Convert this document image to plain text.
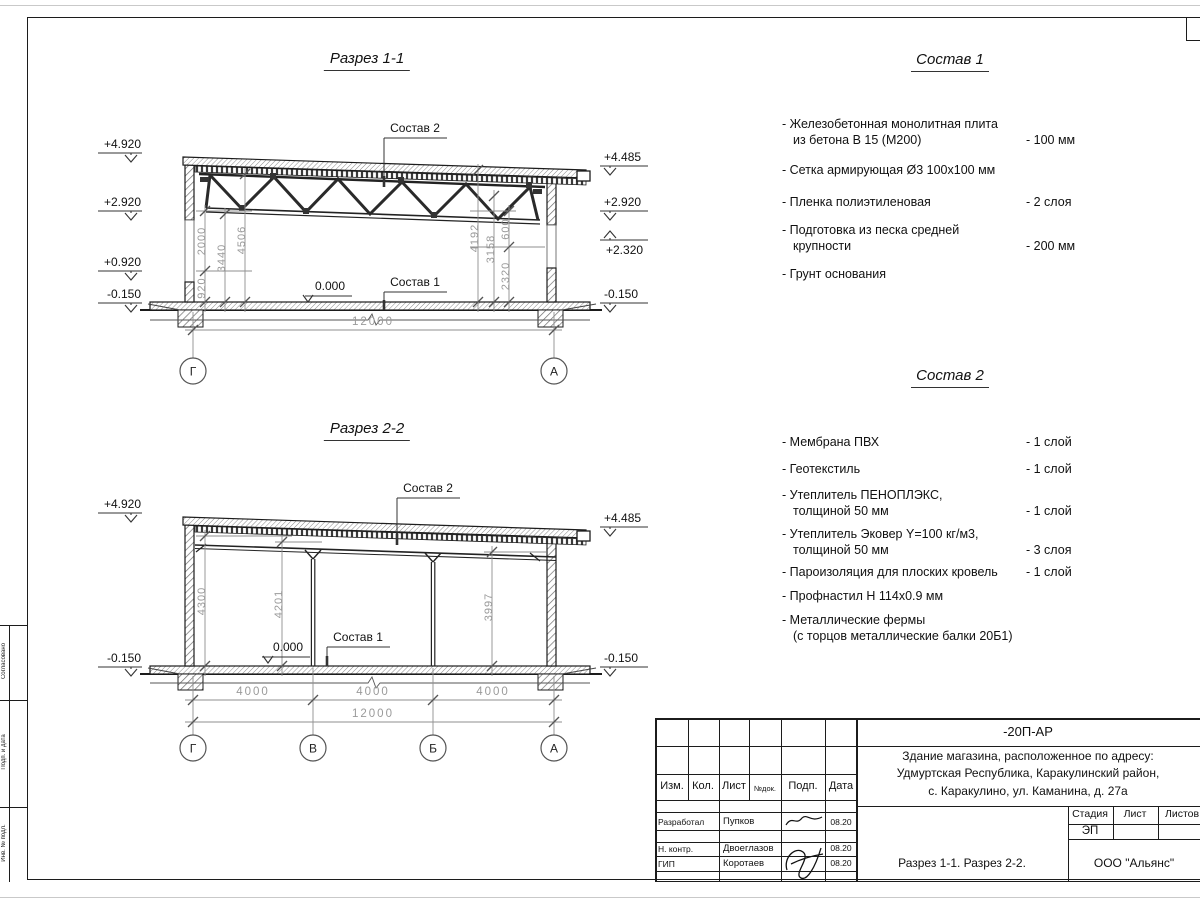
Согласовано
Подп. и дата
Инв. № подл.
Разрез 1-1
Разрез 2-2
+4.920
+2.920
+0.920
-0.150
+4.485
+2.920
+2.320
-0.150
920
2000
3440
4506	4192 3158
2320
600
Состав 2
Состав 1
0.000
12000
Г	А
+4.920
-0.150
+4.485
-0.150
4300	4201	3997
Состав 2
Состав 1
0.000
4000	4000	4000
12000
Г	В	Б	А
Состав 1
- Железобетонная монолитная плита
из бетона В 15 (М200)	- 100 мм
- Сетка армирующая Ø3 100х100 мм
- Пленка полиэтиленовая	- 2 слоя
- Подготовка из песка средней
крупности	- 200 мм
- Грунт основания
Состав 2
- Мембрана ПВХ	- 1 слой
- Геотекстиль	- 1 слой
- Утеплитель ПЕНОПЛЭКС,
толщиной 50 мм	- 1 слой
- Утеплитель Эковер Y=100 кг/м3,
толщиной 50 мм	- 3 слоя
- Пароизоляция для плоских кровель	- 1 слой
- Профнастил Н 114х0.9 мм
- Металлические фермы
(с торцов металлические балки 20Б1)
Изм. Кол. Лист №док. Подп. Дата
Разработал Пупков	08.20
Н. контр.	Двоеглазов	08.20
ГИП	Коротаев	08.20
-20П-АР
Здание магазина, расположенное по адресу:
Удмуртская Республика, Каракулинский район,
с. Каракулино, ул. Каманина, д. 27а
Стадия Лист Листов
ЭП
Разрез 1-1. Разрез 2-2.	ООО "Альянс"
